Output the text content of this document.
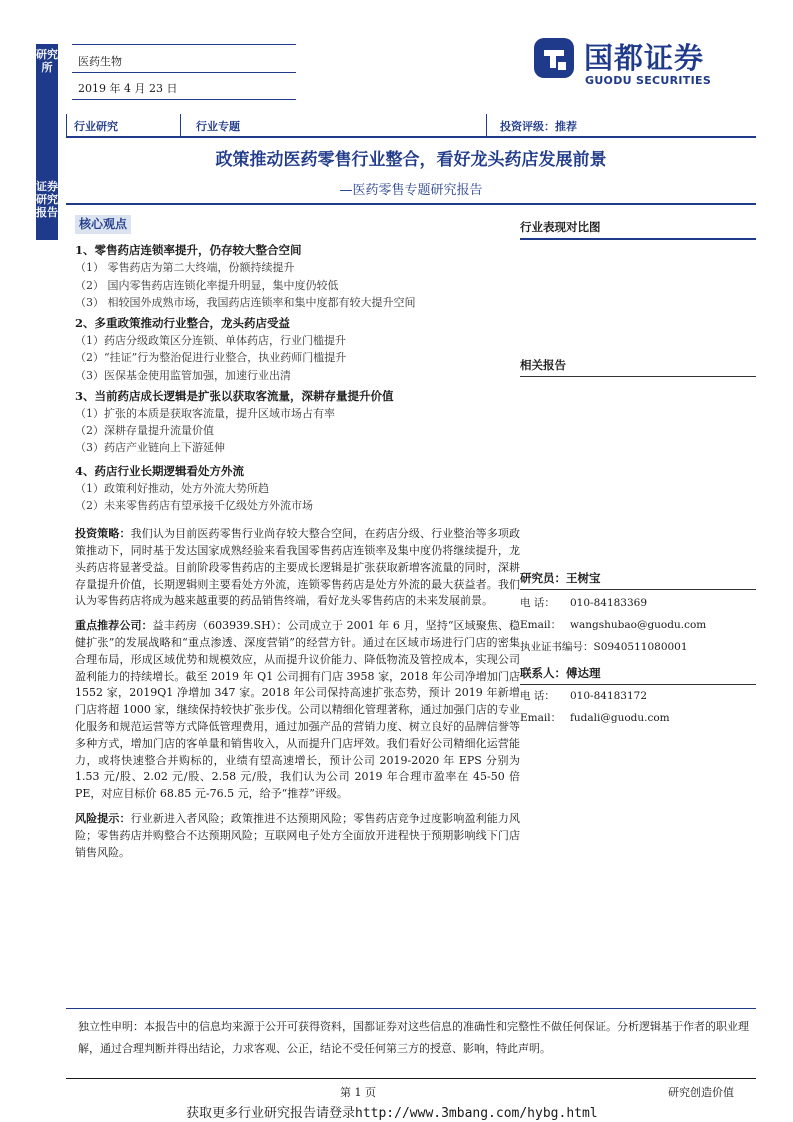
研究所
证券研究报告
医药生物
2019 年 4 月 23 日
国都证券
GUODU SECURITIES
行业研究	行业专题	投资评级：推荐
政策推动医药零售行业整合，看好龙头药店发展前景
—医药零售专题研究报告
核心观点
1、零售药店连锁率提升，仍存较大整合空间
（1） 零售药店为第二大终端，份额持续提升
（2） 国内零售药店连锁化率提升明显，集中度仍较低
（3） 相较国外成熟市场，我国药店连锁率和集中度都有较大提升空间
2、多重政策推动行业整合，龙头药店受益
（1）药店分级政策区分连锁、单体药店，行业门槛提升
（2）“挂证”行为整治促进行业整合，执业药师门槛提升
（3）医保基金使用监管加强，加速行业出清
3、当前药店成长逻辑是扩张以获取客流量，深耕存量提升价值
（1）扩张的本质是获取客流量，提升区域市场占有率
（2）深耕存量提升流量价值
（3）药店产业链向上下游延伸
4、药店行业长期逻辑看处方外流
（1）政策利好推动，处方外流大势所趋
（2）未来零售药店有望承接千亿级处方外流市场
投资策略：我们认为目前医药零售行业尚存较大整合空间，在药店分级、行业整治等多项政策推动下，同时基于发达国家成熟经验来看我国零售药店连锁率及集中度仍将继续提升，龙头药店将显著受益。目前阶段零售药店的主要成长逻辑是扩张获取新增客流量的同时，深耕存量提升价值，长期逻辑则主要看处方外流，连锁零售药店是处方外流的最大获益者。我们认为零售药店将成为越来越重要的药品销售终端，看好龙头零售药店的未来发展前景。
重点推荐公司：益丰药房（603939.SH）：公司成立于 2001 年 6 月，坚持“区域聚焦、稳健扩张”的发展战略和“重点渗透、深度营销”的经营方针。通过在区域市场进行门店的密集合理布局，形成区域优势和规模效应，从而提升议价能力、降低物流及管控成本，实现公司盈利能力的持续增长。截至 2019 年 Q1 公司拥有门店 3958 家，2018 年公司净增加门店 1552 家，2019Q1 净增加 347 家。2018 年公司保持高速扩张态势，预计 2019 年新增门店将超 1000 家，继续保持较快扩张步伐。公司以精细化管理著称，通过加强门店的专业化服务和规范运营等方式降低管理费用，通过加强产品的营销力度、树立良好的品牌信誉等多种方式，增加门店的客单量和销售收入，从而提升门店坪效。我们看好公司精细化运营能力，或将快速整合并购标的，业绩有望高速增长，预计公司 2019-2020 年 EPS 分别为 1.53 元/股、2.02 元/股、2.58 元/股，我们认为公司 2019 年合理市盈率在 45-50 倍 PE，对应目标价 68.85 元-76.5 元，给予“推荐”评级。
风险提示：行业新进入者风险；政策推进不达预期风险；零售药店竞争过度影响盈利能力风险；零售药店并购整合不达预期风险；互联网电子处方全面放开进程快于预期影响线下门店销售风险。
行业表现对比图
相关报告
研究员：王树宝
电 话： 010-84183369
Email： wangshubao@guodu.com
执业证书编号：S0940511080001
联系人：傅达理
电 话： 010-84183172
Email： fudali@guodu.com
独立性申明：本报告中的信息均来源于公开可获得资料，国都证券对这些信息的准确性和完整性不做任何保证。分析逻辑基于作者的职业理解，通过合理判断并得出结论，力求客观、公正，结论不受任何第三方的授意、影响，特此声明。
第 1 页	研究创造价值
获取更多行业研究报告请登录http://www.3mbang.com/hybg.html
